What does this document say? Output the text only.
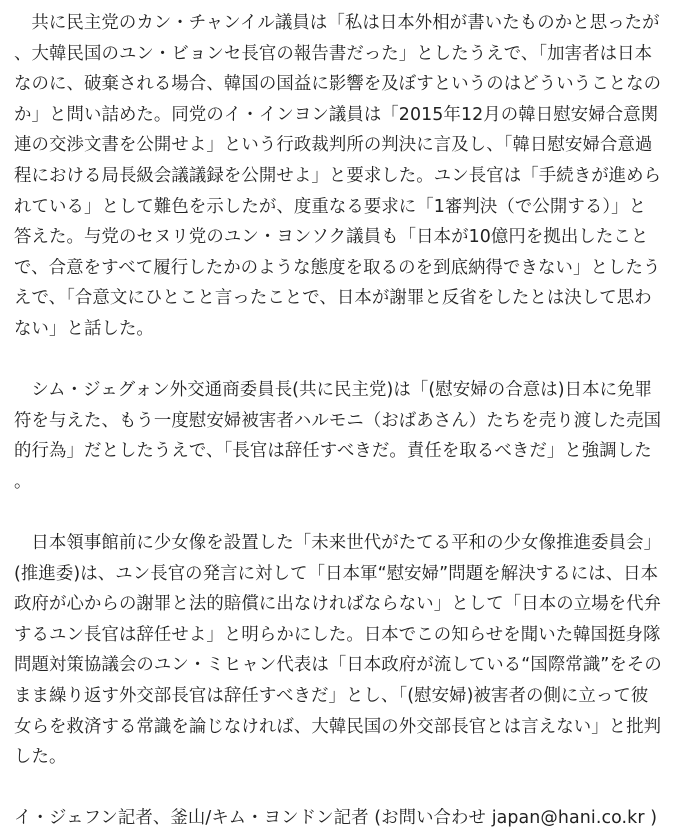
共に民主党のカン・チャンイル議員は「私は日本外相が書いたものかと思ったが、大韓民国のユン・ビョンセ長官の報告書だった」としたうえで、「加害者は日本なのに、破棄される場合、韓国の国益に影響を及ぼすというのはどういうことなのか」と問い詰めた。同党のイ・インヨン議員は「2015年12月の韓日慰安婦合意関連の交渉文書を公開せよ」という行政裁判所の判決に言及し、「韓日慰安婦合意過程における局長級会議議録を公開せよ」と要求した。ユン長官は「手続きが進められている」として難色を示したが、度重なる要求に「1審判決（で公開する）」と答えた。与党のセヌリ党のユン・ヨンソク議員も「日本が10億円を拠出したことで、合意をすべて履行したかのような態度を取るのを到底納得できない」としたうえで、「合意文にひとこと言ったことで、日本が謝罪と反省をしたとは決して思わない」と話した。

シム・ジェグォン外交通商委員長(共に民主党)は「(慰安婦の合意は)日本に免罪符を与えた、もう一度慰安婦被害者ハルモニ（おばあさん）たちを売り渡した売国的行為」だとしたうえで、「長官は辞任すべきだ。責任を取るべきだ」と強調した。

日本領事館前に少女像を設置した「未来世代がたてる平和の少女像推進委員会」(推進委)は、ユン長官の発言に対して「日本軍“慰安婦”問題を解決するには、日本政府が心からの謝罪と法的賠償に出なければならない」として「日本の立場を代弁するユン長官は辞任せよ」と明らかにした。日本でこの知らせを聞いた韓国挺身隊問題対策協議会のユン・ミヒャン代表は「日本政府が流している“国際常識”をそのまま繰り返す外交部長官は辞任すべきだ」とし、「(慰安婦)被害者の側に立って彼女らを救済する常識を論じなければ、大韓民国の外交部長官とは言えない」と批判した。

イ・ジェフン記者、釜山/キム・ヨンドン記者 (お問い合わせ japan@hani.co.kr )
